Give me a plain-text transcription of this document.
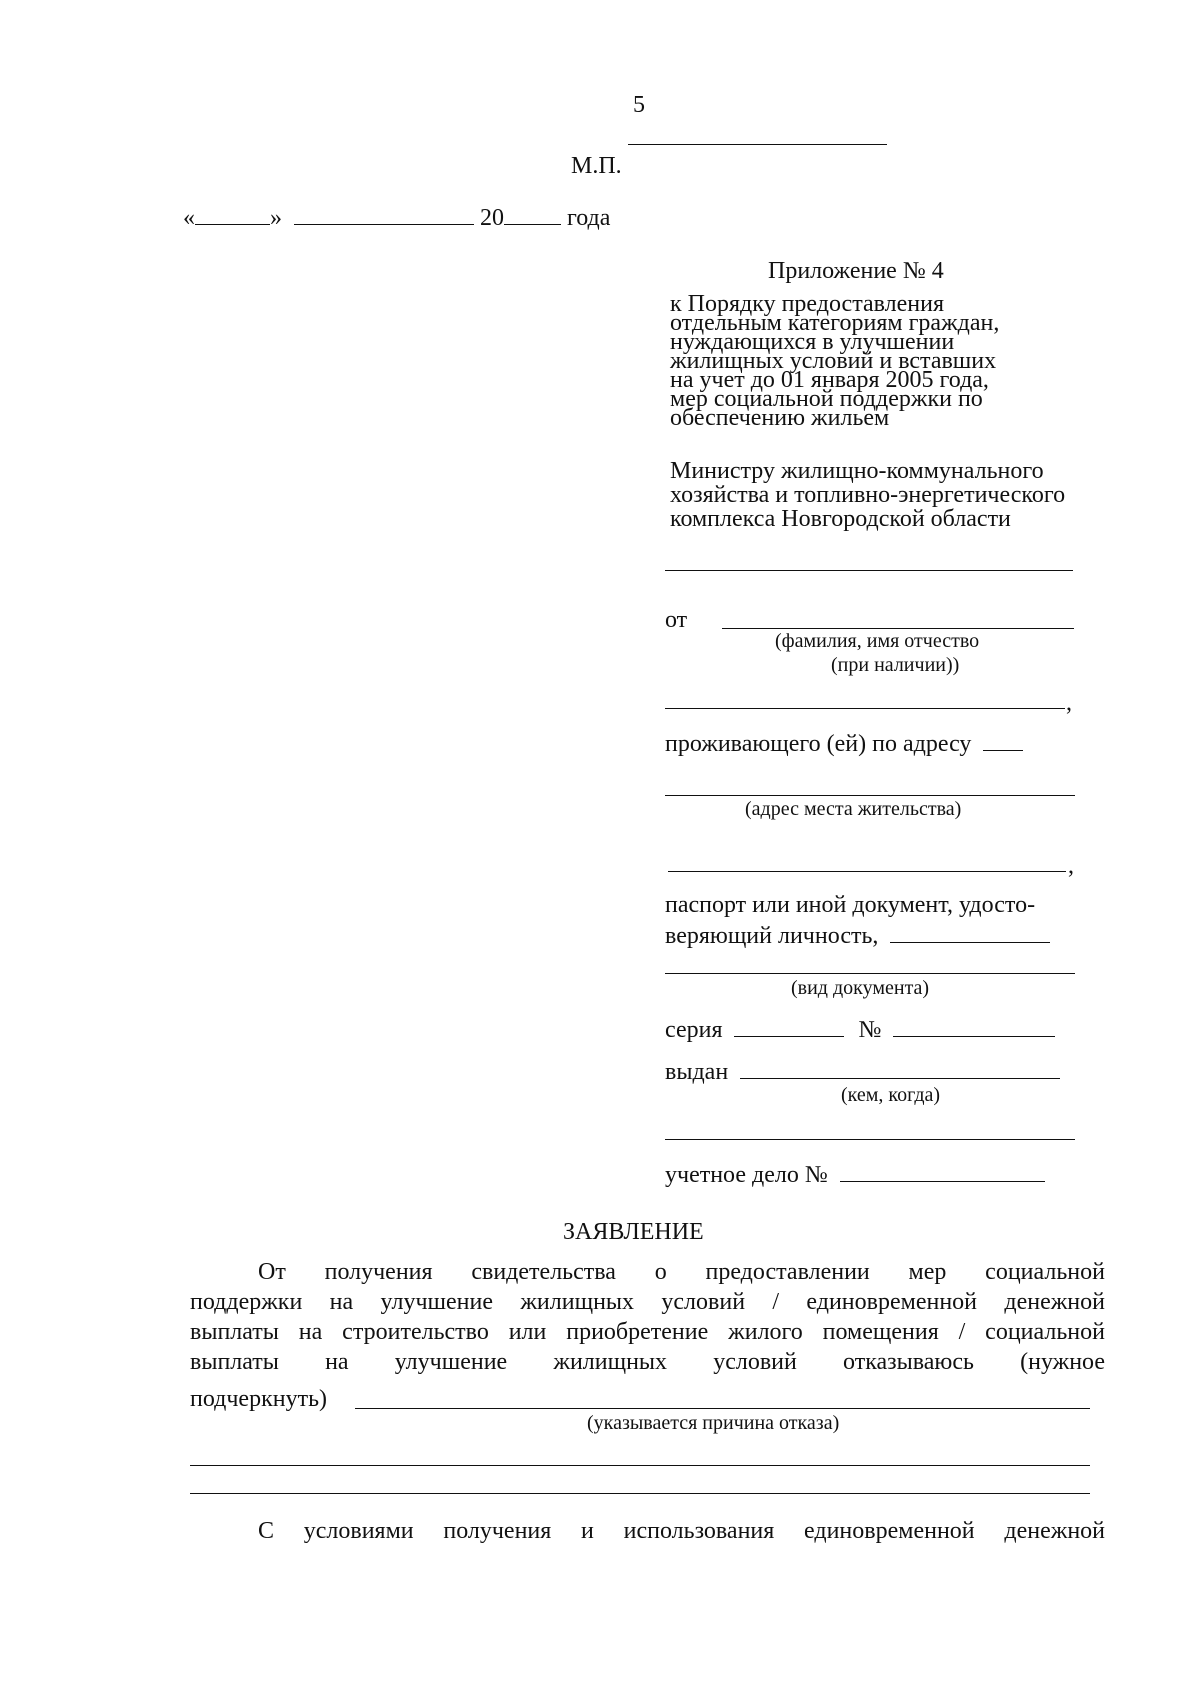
5
М.П.
«	»	20	года
Приложение № 4
к Порядку предоставления
отдельным категориям граждан,
нуждающихся в улучшении
жилищных условий и вставших
на учет до 01 января 2005 года,
мер социальной поддержки по
обеспечению жильем
Министру жилищно-коммунального
хозяйства и топливно-энергетического
комплекса Новгородской области
от
(фамилия, имя отчество
(при наличии))
,
проживающего (ей) по адресу
(адрес места жительства)
,
паспорт или иной документ, удосто-
веряющий личность,
(вид документа)
серия	№
выдан
(кем, когда)
учетное дело №
ЗАЯВЛЕНИЕ
От получения свидетельства о предоставлении мер социальной
поддержки на улучшение жилищных условий / единовременной денежной
выплаты на строительство или приобретение жилого помещения / социальной
выплаты на улучшение жилищных условий отказываюсь (нужное
подчеркнуть)
(указывается причина отказа)
С условиями получения и использования единовременной денежной
